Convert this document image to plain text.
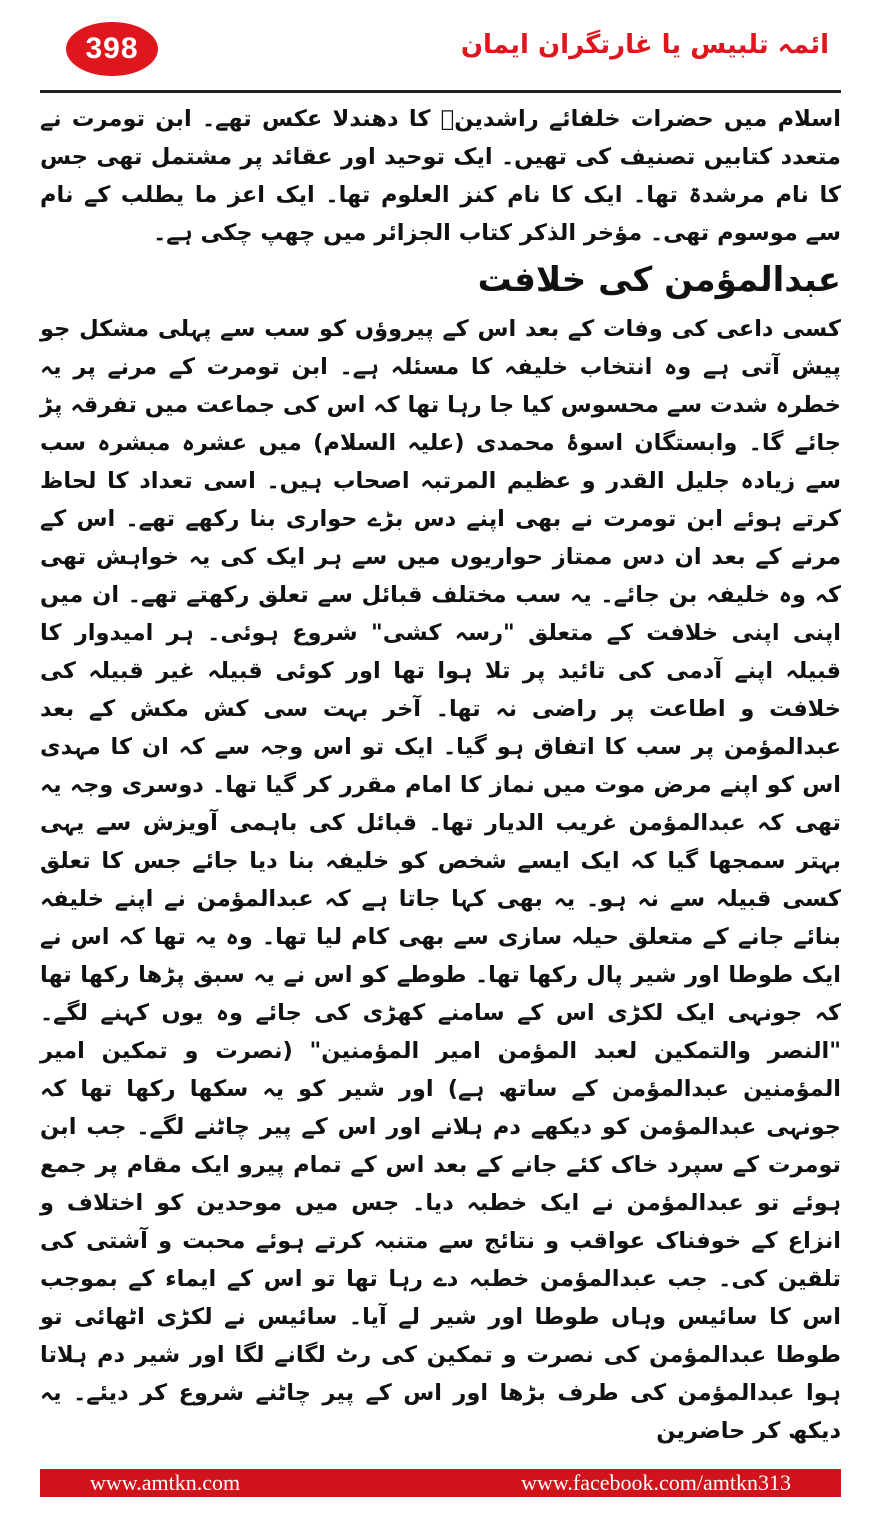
398	ائمہ تلبیس یا غارتگران ایمان

اسلام میں حضرات خلفائے راشدینؓ کا دھندلا عکس تھے۔ ابن تومرت نے متعدد کتابیں تصنیف کی تھیں۔ ایک توحید اور عقائد پر مشتمل تھی جس کا نام مرشدۃ تھا۔ ایک کا نام کنز العلوم تھا۔ ایک اعز ما یطلب کے نام سے موسوم تھی۔ مؤخر الذکر کتاب الجزائر میں چھپ چکی ہے۔

عبدالمؤمن کی خلافت

کسی داعی کی وفات کے بعد اس کے پیروؤں کو سب سے پہلی مشکل جو پیش آتی ہے وہ انتخاب خلیفہ کا مسئلہ ہے۔ ابن تومرت کے مرنے پر یہ خطرہ شدت سے محسوس کیا جا رہا تھا کہ اس کی جماعت میں تفرقہ پڑ جائے گا۔ وابستگان اسوۂ محمدی (علیہ السلام) میں عشرہ مبشرہ سب سے زیادہ جلیل القدر و عظیم المرتبہ اصحاب ہیں۔ اسی تعداد کا لحاظ کرتے ہوئے ابن تومرت نے بھی اپنے دس بڑے حواری بنا رکھے تھے۔ اس کے مرنے کے بعد ان دس ممتاز حواریوں میں سے ہر ایک کی یہ خواہش تھی کہ وہ خلیفہ بن جائے۔ یہ سب مختلف قبائل سے تعلق رکھتے تھے۔ ان میں اپنی اپنی خلافت کے متعلق "رسہ کشی" شروع ہوئی۔ ہر امیدوار کا قبیلہ اپنے آدمی کی تائید پر تلا ہوا تھا اور کوئی قبیلہ غیر قبیلہ کی خلافت و اطاعت پر راضی نہ تھا۔ آخر بہت سی کش مکش کے بعد عبدالمؤمن پر سب کا اتفاق ہو گیا۔ ایک تو اس وجہ سے کہ ان کا مہدی اس کو اپنے مرض موت میں نماز کا امام مقرر کر گیا تھا۔ دوسری وجہ یہ تھی کہ عبدالمؤمن غریب الدیار تھا۔ قبائل کی باہمی آویزش سے یہی بہتر سمجھا گیا کہ ایک ایسے شخص کو خلیفہ بنا دیا جائے جس کا تعلق کسی قبیلہ سے نہ ہو۔ یہ بھی کہا جاتا ہے کہ عبدالمؤمن نے اپنے خلیفہ بنائے جانے کے متعلق حیلہ سازی سے بھی کام لیا تھا۔ وہ یہ تھا کہ اس نے ایک طوطا اور شیر پال رکھا تھا۔ طوطے کو اس نے یہ سبق پڑھا رکھا تھا کہ جونہی ایک لکڑی اس کے سامنے کھڑی کی جائے وہ یوں کہنے لگے۔ "النصر والتمکین لعبد المؤمن امیر المؤمنین" (نصرت و تمکین امیر المؤمنین عبدالمؤمن کے ساتھ ہے) اور شیر کو یہ سکھا رکھا تھا کہ جونہی عبدالمؤمن کو دیکھے دم ہلانے اور اس کے پیر چاٹنے لگے۔ جب ابن تومرت کے سپرد خاک کئے جانے کے بعد اس کے تمام پیرو ایک مقام پر جمع ہوئے تو عبدالمؤمن نے ایک خطبہ دیا۔ جس میں موحدین کو اختلاف و انزاع کے خوفناک عواقب و نتائج سے متنبہ کرتے ہوئے محبت و آشتی کی تلقین کی۔ جب عبدالمؤمن خطبہ دے رہا تھا تو اس کے ایماء کے بموجب اس کا سائیس وہاں طوطا اور شیر لے آیا۔ سائیس نے لکڑی اٹھائی تو طوطا عبدالمؤمن کی نصرت و تمکین کی رٹ لگانے لگا اور شیر دم ہلاتا ہوا عبدالمؤمن کی طرف بڑھا اور اس کے پیر چاٹنے شروع کر دیئے۔ یہ دیکھ کر حاضرین

www.amtkn.com	www.facebook.com/amtkn313
